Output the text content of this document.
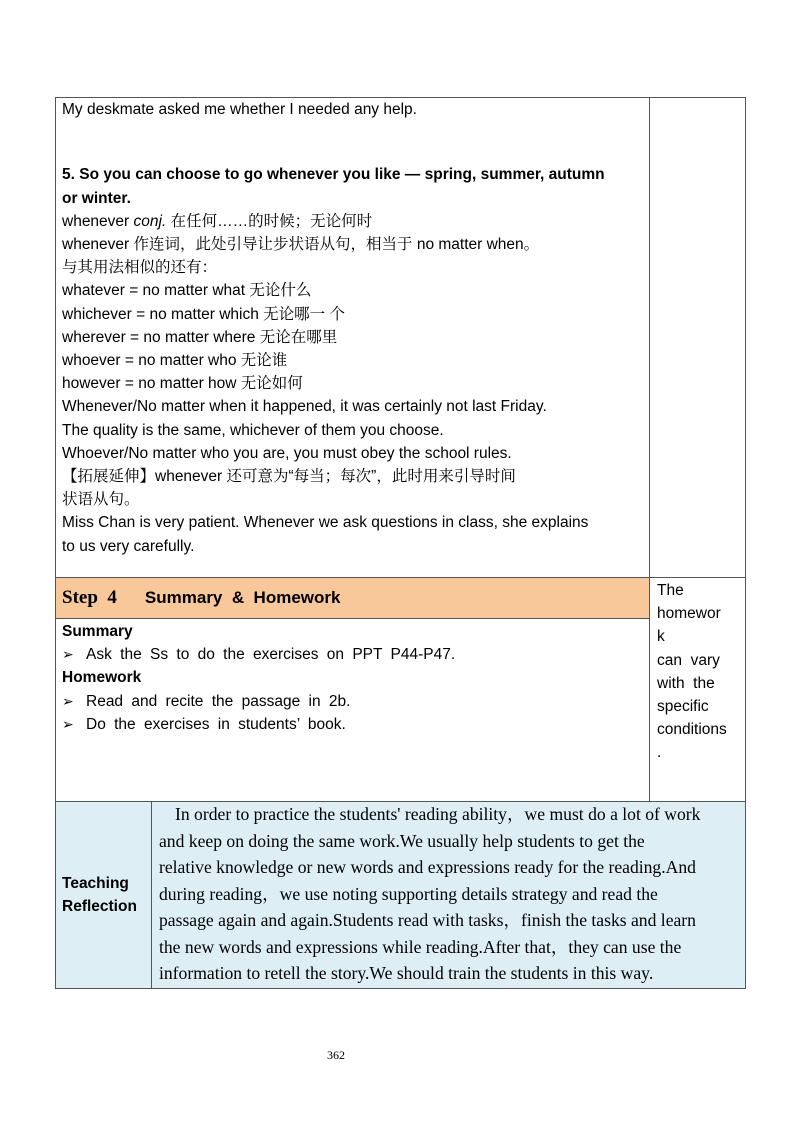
My deskmate asked me whether I needed any help.
5. So you can choose to go whenever you like — spring, summer, autumn
or winter.
whenever conj. 在任何……的时候；无论何时
whenever 作连词，此处引导让步状语从句，相当于 no matter when。
与其用法相似的还有：
whatever = no matter what 无论什么
whichever = no matter which 无论哪一 个
wherever = no matter where 无论在哪里
whoever = no matter who 无论谁
however = no matter how 无论如何
Whenever/No matter when it happened, it was certainly not last Friday.
The quality is the same, whichever of them you choose.
Whoever/No matter who you are, you must obey the school rules.
【拓展延伸】whenever 还可意为“每当；每次”，此时用来引导时间
状语从句。
Miss Chan is very patient. Whenever we ask questions in class, she explains
to us very carefully.
Step  4 Summary  &  Homework
Summary
➢ Ask the Ss to do the exercises on PPT P44-P47.
Homework
➢ Read and recite the passage in 2b.
➢ Do the exercises in students’ book.
The
homewor
k
can  vary
with  the
specific
conditions
.
Teaching
Reflection
In order to practice the students' reading ability，we must do a lot of work
and keep on doing the same work.We usually help students to get the
relative knowledge or new words and expressions ready for the reading.And
during reading，we use noting supporting details strategy and read the
passage again and again.Students read with tasks，finish the tasks and learn
the new words and expressions while reading.After that，they can use the
information to retell the story.We should train the students in this way.
362
